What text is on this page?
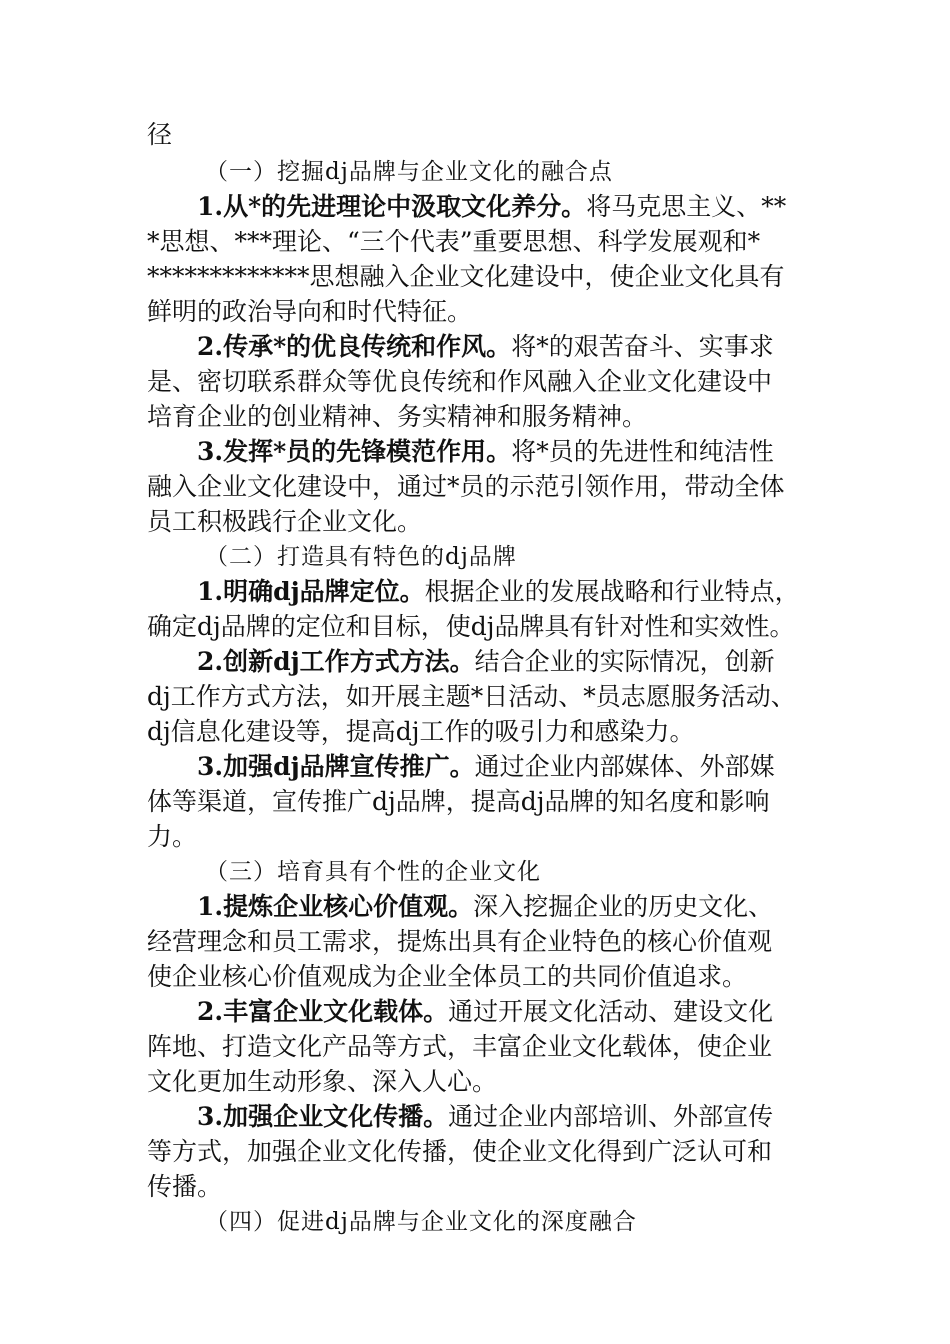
径
（一）挖掘dj品牌与企业文化的融合点
1.从*的先进理论中汲取文化养分。将马克思主义、**
*思想、***理论、“三个代表”重要思想、科学发展观和*
*************思想融入企业文化建设中，使企业文化具有
鲜明的政治导向和时代特征。
2.传承*的优良传统和作风。将*的艰苦奋斗、实事求
是、密切联系群众等优良传统和作风融入企业文化建设中
培育企业的创业精神、务实精神和服务精神。
3.发挥*员的先锋模范作用。将*员的先进性和纯洁性
融入企业文化建设中，通过*员的示范引领作用，带动全体
员工积极践行企业文化。
（二）打造具有特色的dj品牌
1.明确dj品牌定位。根据企业的发展战略和行业特点，
确定dj品牌的定位和目标，使dj品牌具有针对性和实效性。
2.创新dj工作方式方法。结合企业的实际情况，创新
dj工作方式方法，如开展主题*日活动、*员志愿服务活动、
dj信息化建设等，提高dj工作的吸引力和感染力。
3.加强dj品牌宣传推广。通过企业内部媒体、外部媒
体等渠道，宣传推广dj品牌，提高dj品牌的知名度和影响
力。
（三）培育具有个性的企业文化
1.提炼企业核心价值观。深入挖掘企业的历史文化、
经营理念和员工需求，提炼出具有企业特色的核心价值观
使企业核心价值观成为企业全体员工的共同价值追求。
2.丰富企业文化载体。通过开展文化活动、建设文化
阵地、打造文化产品等方式，丰富企业文化载体，使企业
文化更加生动形象、深入人心。
3.加强企业文化传播。通过企业内部培训、外部宣传
等方式，加强企业文化传播，使企业文化得到广泛认可和
传播。
（四）促进dj品牌与企业文化的深度融合
